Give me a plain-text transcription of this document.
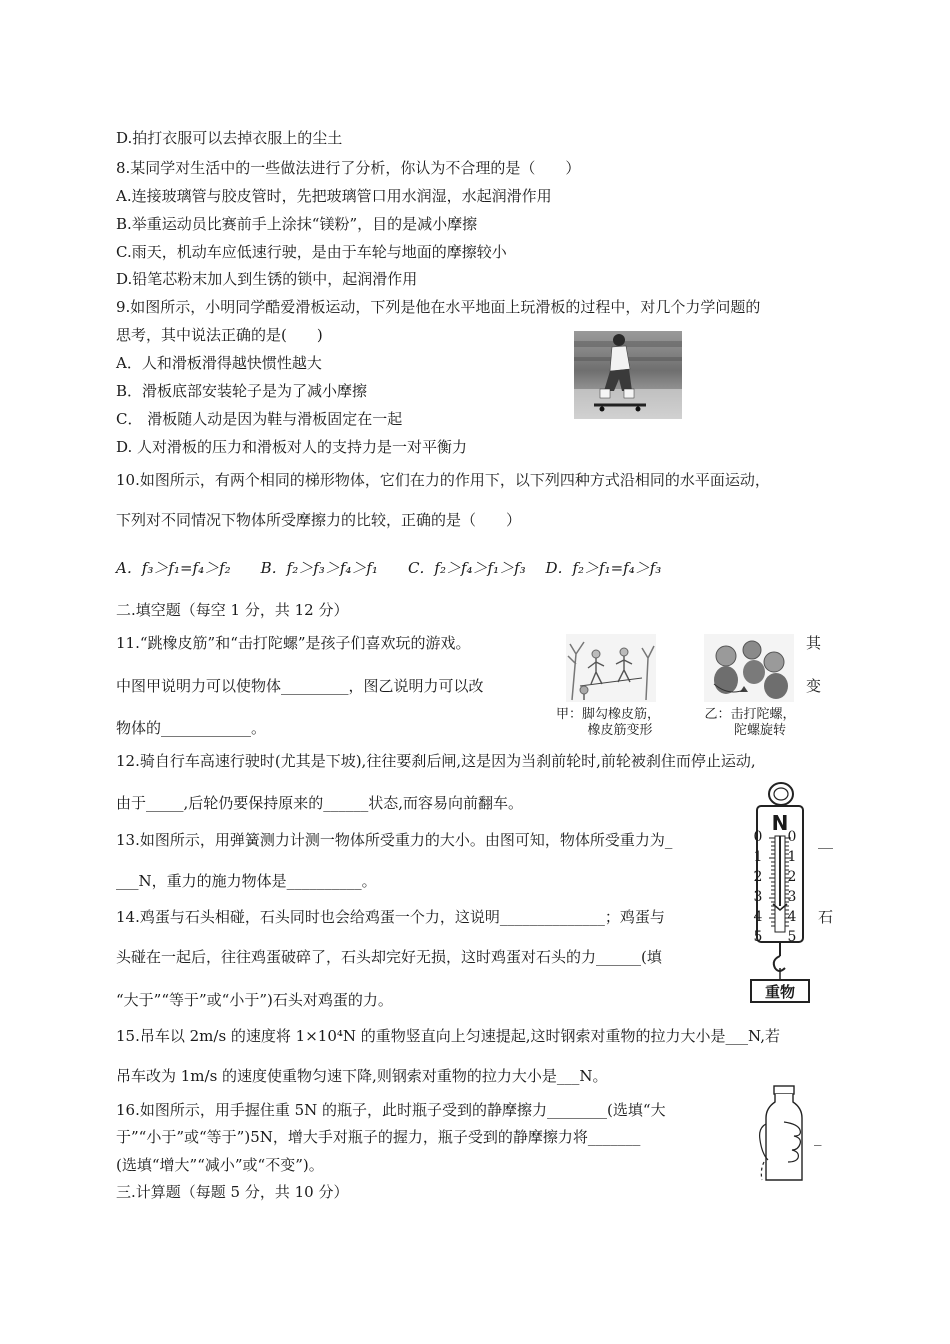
D.拍打衣服可以去掉衣服上的尘土
8.某同学对生活中的一些做法进行了分析，你认为不合理的是（　　）
A.连接玻璃管与胶皮管时，先把玻璃管口用水润湿，水起润滑作用
B.举重运动员比赛前手上涂抹“镁粉”，目的是减小摩擦
C.雨天，机动车应低速行驶，是由于车轮与地面的摩擦较小
D.铅笔芯粉末加人到生锈的锁中，起润滑作用
9.如图所示，小明同学酷爱滑板运动，下列是他在水平地面上玩滑板的过程中，对几个力学问题的
思考，其中说法正确的是(　　)
A．人和滑板滑得越快惯性越大
B．滑板底部安装轮子是为了减小摩擦
C． 滑板随人动是因为鞋与滑板固定在一起
D. 人对滑板的压力和滑板对人的支持力是一对平衡力
10.如图所示，有两个相同的梯形物体，它们在力的作用下，以下列四种方式沿相同的水平面运动，
下列对不同情况下物体所受摩擦力的比较，正确的是（　　）
A．f₃＞f₁=f₄＞f₂　　B．f₂＞f₃＞f₄＞f₁　　C．f₂＞f₄＞f₁＞f₃　 D．f₂＞f₁=f₄＞f₃
二.填空题（每空 1 分，共 12 分）
11.“跳橡皮筋”和“击打陀螺”是孩子们喜欢玩的游戏。
中图甲说明力可以使物体_________，图乙说明力可以改
物体的____________。
12.骑自行车高速行驶时(尤其是下坡),往往要刹后闸,这是因为当刹前轮时,前轮被刹住而停止运动,
由于_____,后轮仍要保持原来的______状态,而容易向前翻车。
13.如图所示，用弹簧测力计测一物体所受重力的大小。由图可知，物体所受重力为_
___N，重力的施力物体是__________。
14.鸡蛋与石头相碰，石头同时也会给鸡蛋一个力，这说明______________；鸡蛋与
头碰在一起后，往往鸡蛋破碎了，石头却完好无损，这时鸡蛋对石头的力______(填
“大于”“等于”或“小于”)石头对鸡蛋的力。
15.吊车以 2m/s 的速度将 1×10⁴N 的重物竖直向上匀速提起,这时钢索对重物的拉力大小是___N,若
吊车改为 1m/s 的速度使重物匀速下降,则钢索对重物的拉力大小是___N。
16.如图所示，用手握住重 5N 的瓶子，此时瓶子受到的静摩擦力________(选填“大
于”“小于”或“等于”)5N，增大手对瓶子的握力，瓶子受到的静摩擦力将_______
(选填“增大”“减小”或“不变”)。
三.计算题（每题 5 分，共 10 分）
其
变
__
石
_
甲：脚勾橡皮筋，
橡皮筋变形
乙：击打陀螺，
陀螺旋转
N
0
1
2
3
4
5
0
1
2
3
4
5
重物
